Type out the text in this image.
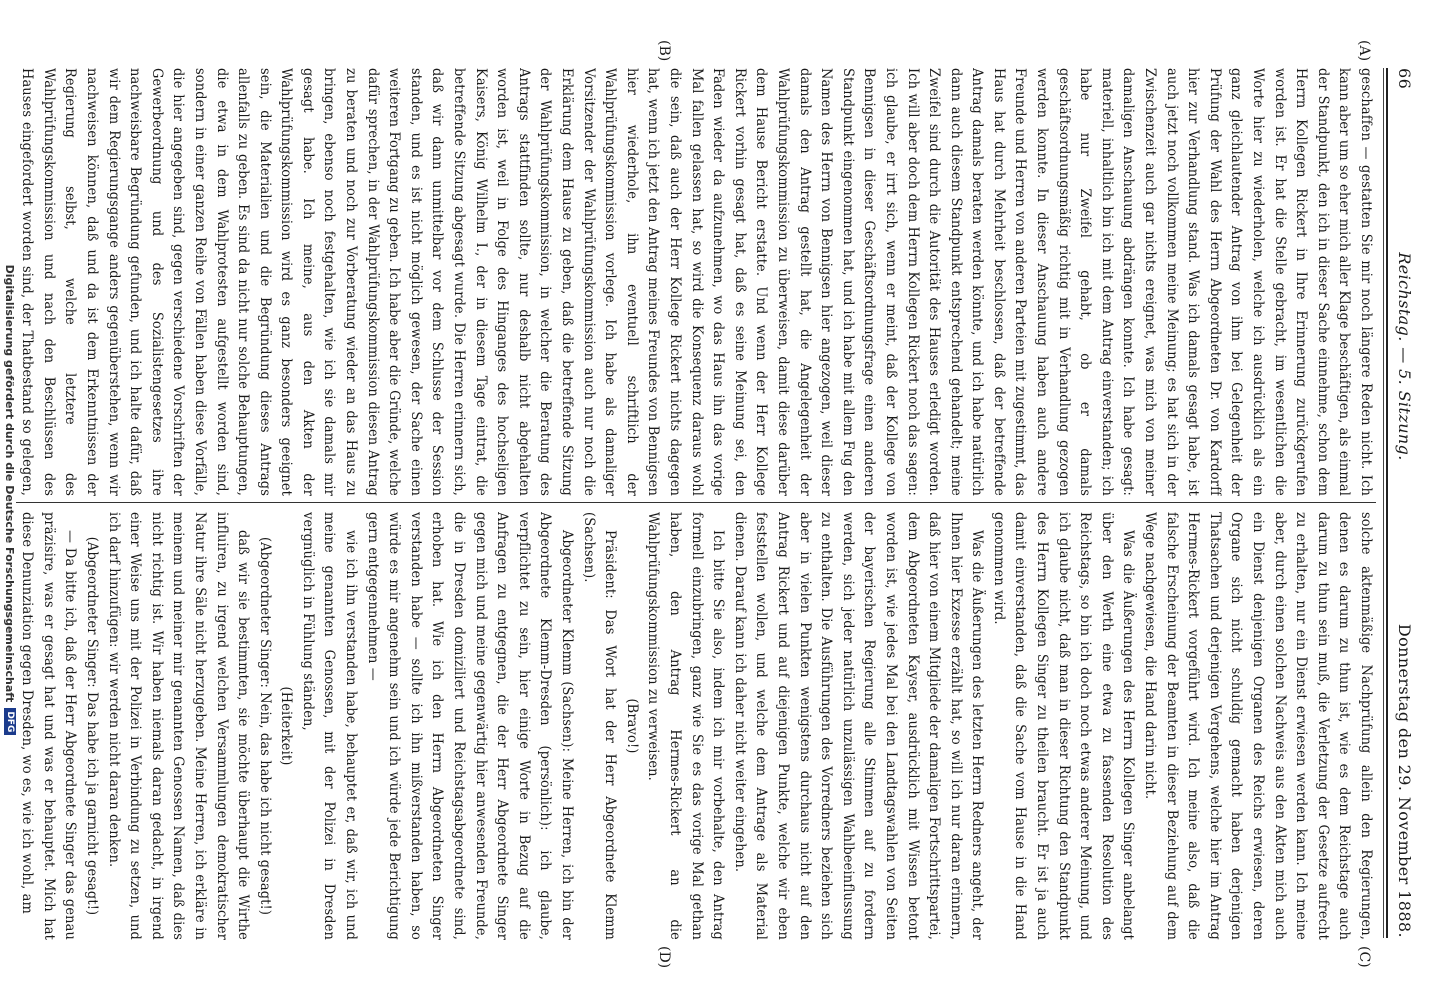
66
Reichstag. — 5. Sitzung.
Donnerstag den 29. November 1888.
(A)
(B)
(C)
(D)

geschaffen — gestatten Sie mir noch längere Reden nicht. Ich kann aber um so eher mich aller Klage beschäftigen, als einmal der Standpunkt, den ich in dieser Sache einnehme, schon dem Herrn Kollegen Rickert in Ihre Erinnerung zurückgerufen worden ist. Er hat die Stelle gebracht, im wesentlichen die Worte hier zu wiederholen, welche ich ausdrücklich als ein ganz gleichlautender Antrag von ihm bei Gelegenheit der Prüfung der Wahl des Herrn Abgeordneten Dr. von Kardorff hier zur Verhandlung stand. Was ich damals gesagt habe, ist auch jetzt noch vollkommen meine Meinung; es hat sich in der Zwischenzeit auch gar nichts ereignet, was mich von meiner damaligen Anschauung abdrängen konnte. Ich habe gesagt: materiell, inhaltlich bin ich mit dem Antrag einverstanden; ich habe nur Zweifel gehabt, ob er damals geschäftsordnungsmäßig richtig mit in Verhandlung gezogen werden konnte. In dieser Anschauung haben auch andere Freunde und Herren von anderen Parteien mit zugestimmt, das Haus hat durch Mehrheit beschlossen, daß der betreffende Antrag damals beraten werden könnte, und ich habe natürlich dann auch diesem Standpunkt entsprechend gehandelt; meine Zweifel sind durch die Autorität des Hauses erledigt worden. Ich will aber doch dem Herrn Kollegen Rickert noch das sagen: ich glaube, er irrt sich, wenn er meint, daß der Kollege von Bennigsen in dieser Geschäftsordnungsfrage einen anderen Standpunkt eingenommen hat, und ich habe mit allem Fug den Namen des Herrn von Bennigsen hier angezogen, weil dieser damals den Antrag gestellt hat, die Angelegenheit der Wahlprüfungskommission zu überweisen, damit diese darüber dem Hause Bericht erstatte. Und wenn der Herr Kollege Rickert vorhin gesagt hat, daß es seine Meinung sei, den Faden wieder da aufzunehmen, wo das Haus ihn das vorige Mal fallen gelassen hat, so wird die Konsequenz daraus wohl die sein, daß auch der Herr Kollege Rickert nichts dagegen hat, wenn ich jetzt den Antrag meines Freundes von Bennigsen hier wiederhole, ihn eventuell schriftlich der Wahlprüfungskommission vorlege. Ich habe als damaliger Vorsitzender der Wahlprüfungskommission auch nur noch die Erklärung dem Hause zu geben, daß die betreffende Sitzung der Wahlprüfungskommission, in welcher die Beratung des Antrags stattfinden sollte, nur deshalb nicht abgehalten worden ist, weil in Folge des Hinganges des hochseligen Kaisers, König Wilhelm I., der in diesem Tage eintrat, die betreffende Sitzung abgesagt wurde. Die Herren erinnern sich, daß wir dann unmittelbar vor dem Schlusse der Session standen, und es ist nicht möglich gewesen, der Sache einen weiteren Fortgang zu geben. Ich habe aber die Gründe, welche dafür sprechen, in der Wahlprüfungskommission diesen Antrag zu beraten und noch zur Vorberatung wieder an das Haus zu bringen, ebenso noch festgehalten, wie ich sie damals mir gesagt habe. Ich meine, aus den Akten der Wahlprüfungskommission wird es ganz besonders geeignet sein, die Materialien und die Begründung dieses Antrags allenfalls zu geben. Es sind da nicht nur solche Behauptungen, die etwa in dem Wahlprotesten aufgestellt worden sind, sondern in einer ganzen Reihe von Fällen haben diese Vorfälle, die hier angegeben sind, gegen verschiedene Vorschriften der Gewerbeordnung und des Sozialistengesetzes ihre nachweisbare Begründung gefunden, und ich halte dafür, daß wir dem Regierungsgange anders gegenüberstehen, wenn wir nachweisen können, daß und da ist dem Erkenntnissen der Regierung selbst, welche letztere des Wahlprüfungskommission und nach den Beschlüssen des Hauses eingefordert worden sind, der Thatbestand so gelegen,

solche aktenmäßige Nachprüfung allein den Regierungen, denen es darum zu thun ist, wie es dem Reichstage auch darum zu thun sein muß, die Verletzung der Gesetze aufrecht zu erhalten, nur ein Dienst erwiesen werden kann. Ich meine aber, durch einen solchen Nachweis aus den Akten mich auch ein Dienst denjenigen Organen des Reichs erwiesen, deren Organe sich nicht schuldig gemacht haben derjenigen Thatsachen und derjenigen Vergehens, welche hier im Antrag Hermes-Rickert vorgeführt wird. Ich meine also, daß die falsche Erscheinung der Beamten in dieser Beziehung auf dem Wege nachgewiesen, die Hand darin nicht.

Was die Äußerungen des Herrn Kollegen Singer anbelangt über den Werth eine etwa zu fassenden Resolution des Reichstags, so bin ich doch noch etwas anderer Meinung, und ich glaube nicht, daß man in dieser Richtung den Standpunkt des Herrn Kollegen Singer zu theilen braucht. Er ist ja auch damit einverstanden, daß die Sache vom Hause in die Hand genommen wird.

Was die Äußerungen des letzten Herrn Redners angeht, der Ihnen hier Exzesse erzählt hat, so will ich nur daran erinnern, daß hier von einem Mitgliede der damaligen Fortschrittspartei, dem Abgeordneten Kayser, ausdrücklich mit Wissen betont worden ist, wie jedes Mal bei den Landtagswahlen von Seiten der bayerischen Regierung alle Stimmen auf zu fordern werden, sich jeder natürlich unzulässigen Wahlbeeinflussung zu enthalten. Die Ausführungen des Vorredners beziehen sich aber in vielen Punkten wenigstens durchaus nicht auf den Antrag Rickert und auf diejenigen Punkte, welche wir eben feststellen wollen, und welche dem Antrage als Material dienen. Darauf kann ich daher nicht weiter eingehen.

Ich bitte Sie also, indem ich mir vorbehalte, den Antrag formell einzubringen, ganz wie Sie es das vorige Mal gethan haben, den Antrag Hermes-Rickert an die Wahlprüfungskommission zu verweisen.

(Bravo!)

Präsident: Das Wort hat der Herr Abgeordnete Klemm (Sachsen).

Abgeordneter Klemm (Sachsen): Meine Herren, ich bin der Abgeordnete Klemm-Dresden (persönlich): ich glaube, verpflichtet zu sein, hier einige Worte in Bezug auf die Anfragen zu entgegnen, die der Herr Abgeordnete Singer gegen mich und meine gegenwärtig hier anwesenden Freunde, die in Dresden domiziliert und Reichstagsabgeordnete sind, erhoben hat. Wie ich den Herrn Abgeordneten Singer verstanden habe — sollte ich ihn mißverstanden haben, so würde es mir angenehm sein und ich würde jede Berichtigung gern entgegennehmen —

wie ich ihn verstanden habe, behauptet er, daß wir, ich und meine genannten Genossen, mit der Polizei in Dresden vergnüglich in Fühlung ständen,

(Heiterkeit)

(Abgeordneter Singer: Nein, das habe ich nicht gesagt!)

daß wir sie bestimmten, sie möchte überhaupt die Wirthe influiren, zu irgend welchen Versammlungen demokratischer Natur ihre Säle nicht herzugeben. Meine Herren, ich erkläre in meinem und meiner mir genannten Genossen Namen, daß dies nicht richtig ist. Wir haben niemals daran gedacht, in irgend einer Weise uns mit der Polizei in Verbindung zu setzen, und ich darf hinzufügen: wir werden nicht daran denken.

(Abgeordneter Singer: Das habe ich ja garnicht gesagt!)

— Da bitte ich, daß der Herr Abgeordnete Singer das genau präzisire, was er gesagt hat und was er behauptet. Mich hat diese Denunziation gegen Dresden, wo es, wie ich wohl, am

Digitalisierung gefördert durch die Deutsche Forschungsgemeinschaft
DFG
